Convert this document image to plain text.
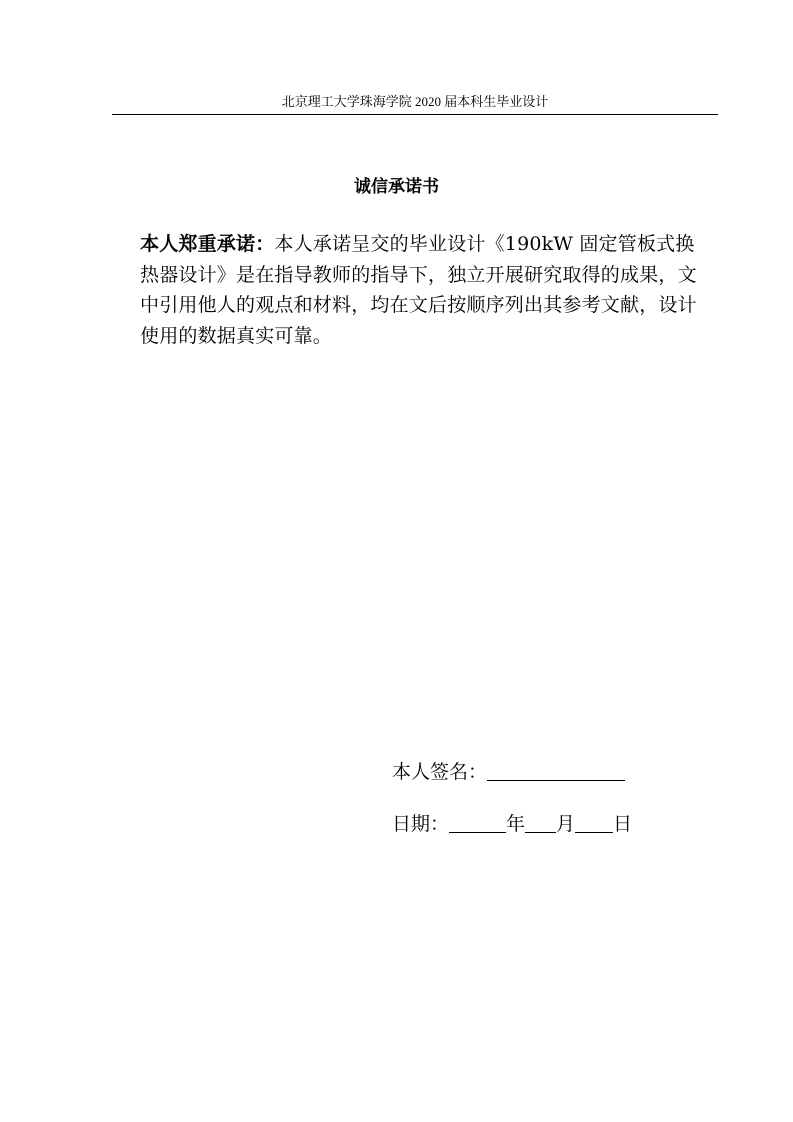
北京理工大学珠海学院 2020 届本科生毕业设计
诚信承诺书
本人郑重承诺：本人承诺呈交的毕业设计《190kW 固定管板式换热器设计》是在指导教师的指导下，独立开展研究取得的成果，文中引用他人的观点和材料，均在文后按顺序列出其参考文献，设计使用的数据真实可靠。
本人签名：
日期：	年 月 日
